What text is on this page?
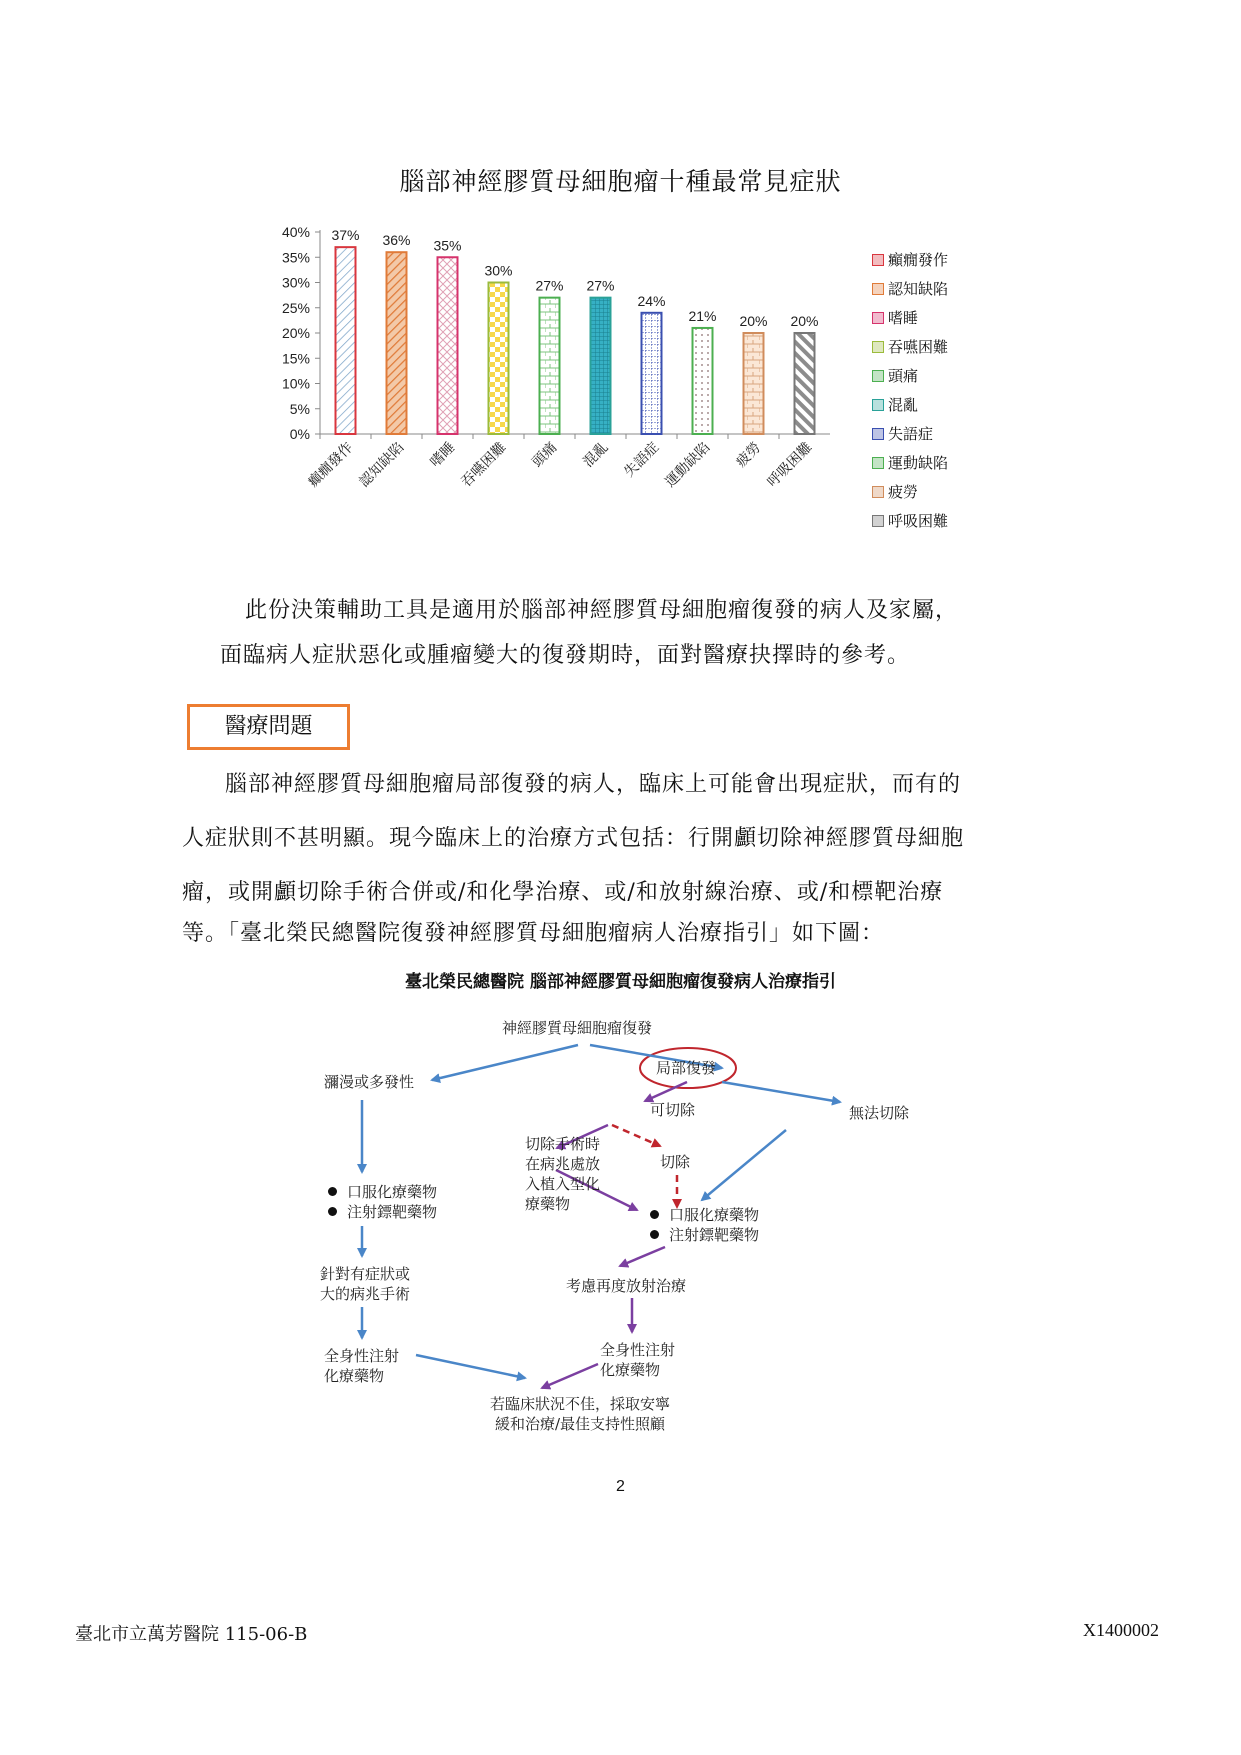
腦部神經膠質母細胞瘤十種最常見症狀
0%
5%
10%
15%
20%
25%
30%
35%
40% 37%
癲癇發作
36%
認知缺陷
35%
嗜睡
30%
吞嚥困難
27%
頭痛
27%
混亂
24%
失語症
21%
運動缺陷
20%
疲勞
20%
呼吸困難
癲癇發作
認知缺陷
嗜睡
吞嚥困難
頭痛
混亂
失語症
運動缺陷
疲勞
呼吸困難
此份決策輔助工具是適用於腦部神經膠質母細胞瘤復發的病人及家屬，
面臨病人症狀惡化或腫瘤變大的復發期時，面對醫療抉擇時的參考。
醫療問題
腦部神經膠質母細胞瘤局部復發的病人，臨床上可能會出現症狀，而有的
人症狀則不甚明顯。現今臨床上的治療方式包括：行開顱切除神經膠質母細胞
瘤，或開顱切除手術合併或/和化學治療、或/和放射線治療、或/和標靶治療
等。「臺北榮民總醫院復發神經膠質母細胞瘤病人治療指引」如下圖：
臺北榮民總醫院 腦部神經膠質母細胞瘤復發病人治療指引
神經膠質母細胞瘤復發
瀰漫或多發性
局部復發
可切除	無法切除
切除手術時
在病兆處放
入植入型化
療藥物
切除
口服化療藥物
注射鏢靶藥物	口服化療藥物
注射鏢靶藥物
針對有症狀或
大的病兆手術	考慮再度放射治療
全身性注射
化療藥物
全身性注射
化療藥物
若臨床狀況不佳，採取安寧
緩和治療/最佳支持性照顧
2
臺北市立萬芳醫院 115-06-B	X1400002
